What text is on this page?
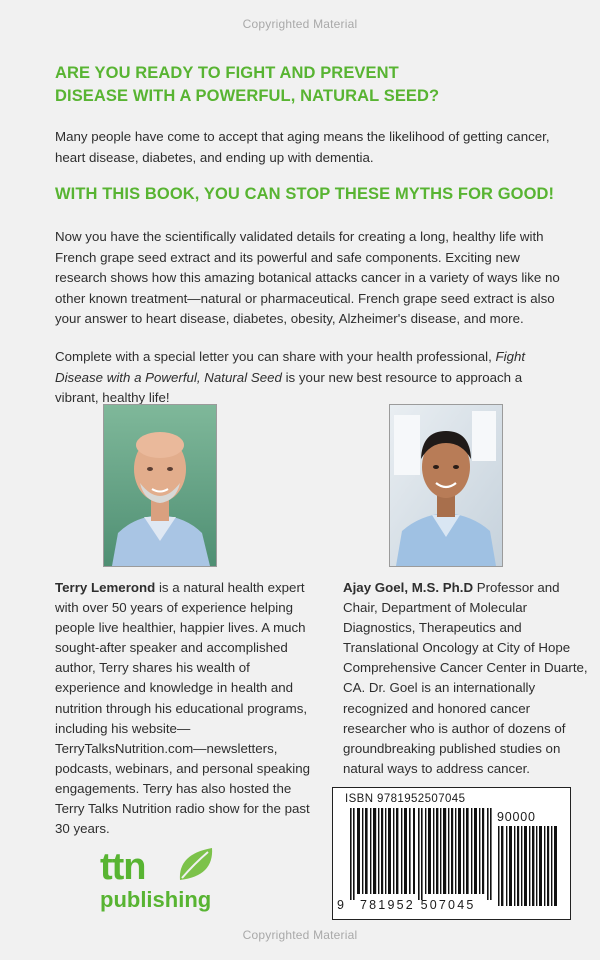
Copyrighted Material
ARE YOU READY TO FIGHT AND PREVENT DISEASE WITH A POWERFUL, NATURAL SEED?

Many people have come to accept that aging means the likelihood of getting cancer, heart disease, diabetes, and ending up with dementia.

WITH THIS BOOK, YOU CAN STOP THESE MYTHS FOR GOOD!

Now you have the scientifically validated details for creating a long, healthy life with French grape seed extract and its powerful and safe components. Exciting new research shows how this amazing botanical attacks cancer in a variety of ways like no other known treatment—natural or pharmaceutical. French grape seed extract is also your answer to heart disease, diabetes, obesity, Alzheimer's disease, and more.

Complete with a special letter you can share with your health professional, Fight Disease with a Powerful, Natural Seed is your new best resource to approach a vibrant, healthy life!

Terry Lemerond is a natural health expert with over 50 years of experience helping people live healthier, happier lives. A much sought-after speaker and accomplished author, Terry shares his wealth of experience and knowledge in health and nutrition through his educational programs, including his website—TerryTalksNutrition.com—newsletters, podcasts, webinars, and personal speaking engagements. Terry has also hosted the Terry Talks Nutrition radio show for the past 30 years.

Ajay Goel, M.S. Ph.D Professor and Chair, Department of Molecular Diagnostics, Therapeutics and Translational Oncology at City of Hope Comprehensive Cancer Center in Duarte, CA. Dr. Goel is an internationally recognized and honored cancer researcher who is author of dozens of groundbreaking published studies on natural ways to address cancer.

ttn
publishing
ISBN 9781952507045
90000
9 781952 507045
Copyrighted Material
